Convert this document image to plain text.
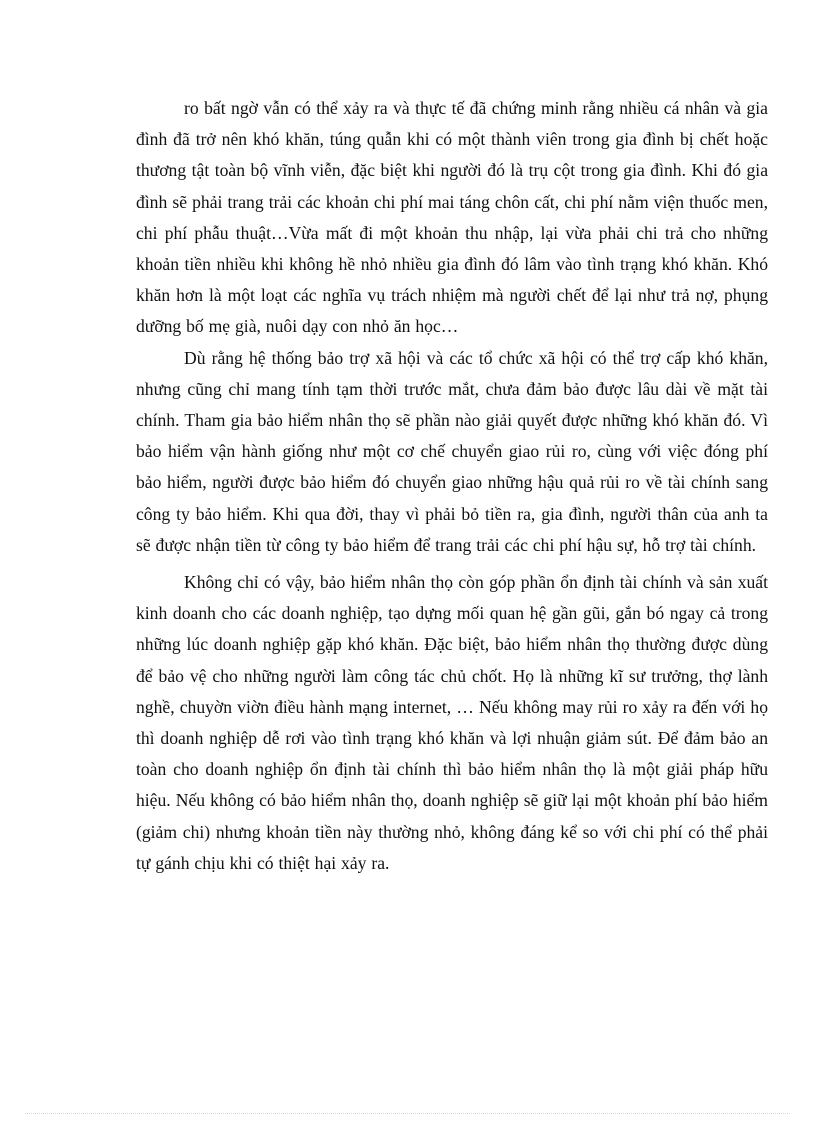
ro bất ngờ vẫn có thể xảy ra và thực tế đã chứng minh rằng nhiều cá nhân và gia đình đã trở nên khó khăn, túng quẫn khi có một thành viên trong gia đình bị chết hoặc thương tật toàn bộ vĩnh viễn, đặc biệt khi người đó là trụ cột trong gia đình. Khi đó gia đình sẽ phải trang trải các khoản chi phí mai táng chôn cất, chi phí nằm viện thuốc men, chi phí phẫu thuật…Vừa mất đi một khoản thu nhập, lại vừa phải chi trả cho những khoản tiền nhiều khi không hề nhỏ nhiều gia đình đó lâm vào tình trạng khó khăn. Khó khăn hơn là một loạt các nghĩa vụ trách nhiệm mà người chết để lại như trả nợ, phụng dưỡng bố mẹ già, nuôi dạy con nhỏ ăn học…

Dù rằng hệ thống bảo trợ xã hội và các tổ chức xã hội có thể trợ cấp khó khăn, nhưng cũng chỉ mang tính tạm thời trước mắt, chưa đảm bảo được lâu dài về mặt tài chính. Tham gia bảo hiểm nhân thọ sẽ phần nào giải quyết được những khó khăn đó. Vì bảo hiểm vận hành giống như một cơ chế chuyển giao rủi ro, cùng với việc đóng phí bảo hiểm, người được bảo hiểm đó chuyển giao những hậu quả rủi ro về tài chính sang công ty bảo hiểm. Khi qua đời, thay vì phải bỏ tiền ra, gia đình, người thân của anh ta sẽ được nhận tiền từ công ty bảo hiểm để trang trải các chi phí hậu sự, hỗ trợ tài chính.

Không chỉ có vậy, bảo hiểm nhân thọ còn góp phần ổn định tài chính và sản xuất kinh doanh cho các doanh nghiệp, tạo dựng mối quan hệ gần gũi, gắn bó ngay cả trong những lúc doanh nghiệp gặp khó khăn. Đặc biệt, bảo hiểm nhân thọ thường được dùng để bảo vệ cho những người làm công tác chủ chốt. Họ là những kĩ sư trưởng, thợ lành nghề, chuyờn viờn điều hành mạng internet, … Nếu không may rủi ro xảy ra đến với họ thì doanh nghiệp dễ rơi vào tình trạng khó khăn và lợi nhuận giảm sút. Để đảm bảo an toàn cho doanh nghiệp ổn định tài chính thì bảo hiểm nhân thọ là một giải pháp hữu hiệu. Nếu không có bảo hiểm nhân thọ, doanh nghiệp sẽ giữ lại một khoản phí bảo hiểm (giảm chi) nhưng khoản tiền này thường nhỏ, không đáng kể so với chi phí có thể phải tự gánh chịu khi có thiệt hại xảy ra.
